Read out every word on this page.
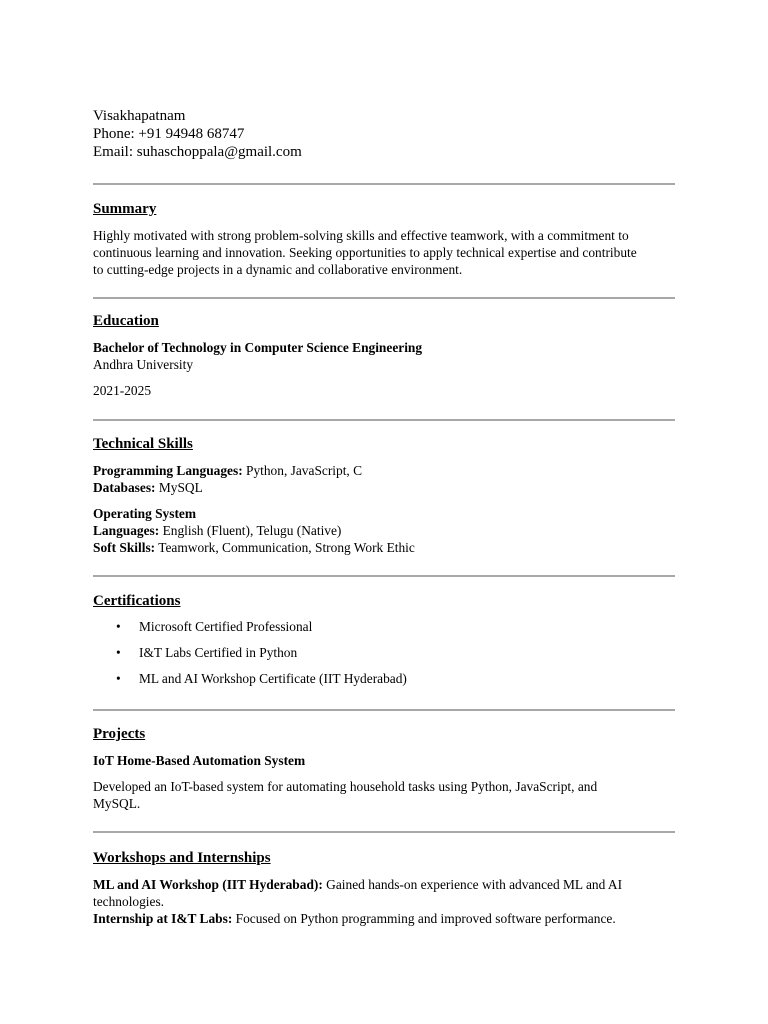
Visakhapatnam
Phone: +91 94948 68747
Email: suhaschoppala@gmail.com
Summary
Highly motivated with strong problem-solving skills and effective teamwork, with a commitment to
continuous learning and innovation. Seeking opportunities to apply technical expertise and contribute
to cutting-edge projects in a dynamic and collaborative environment.
Education
Bachelor of Technology in Computer Science Engineering
Andhra University
2021-2025
Technical Skills
Programming Languages: Python, JavaScript, C
Databases: MySQL
Operating System
Languages: English (Fluent), Telugu (Native)
Soft Skills: Teamwork, Communication, Strong Work Ethic
Certifications
• Microsoft Certified Professional
• I&T Labs Certified in Python
• ML and AI Workshop Certificate (IIT Hyderabad)
Projects
IoT Home-Based Automation System
Developed an IoT-based system for automating household tasks using Python, JavaScript, and
MySQL.
Workshops and Internships
ML and AI Workshop (IIT Hyderabad): Gained hands-on experience with advanced ML and AI
technologies.
Internship at I&T Labs: Focused on Python programming and improved software performance.
